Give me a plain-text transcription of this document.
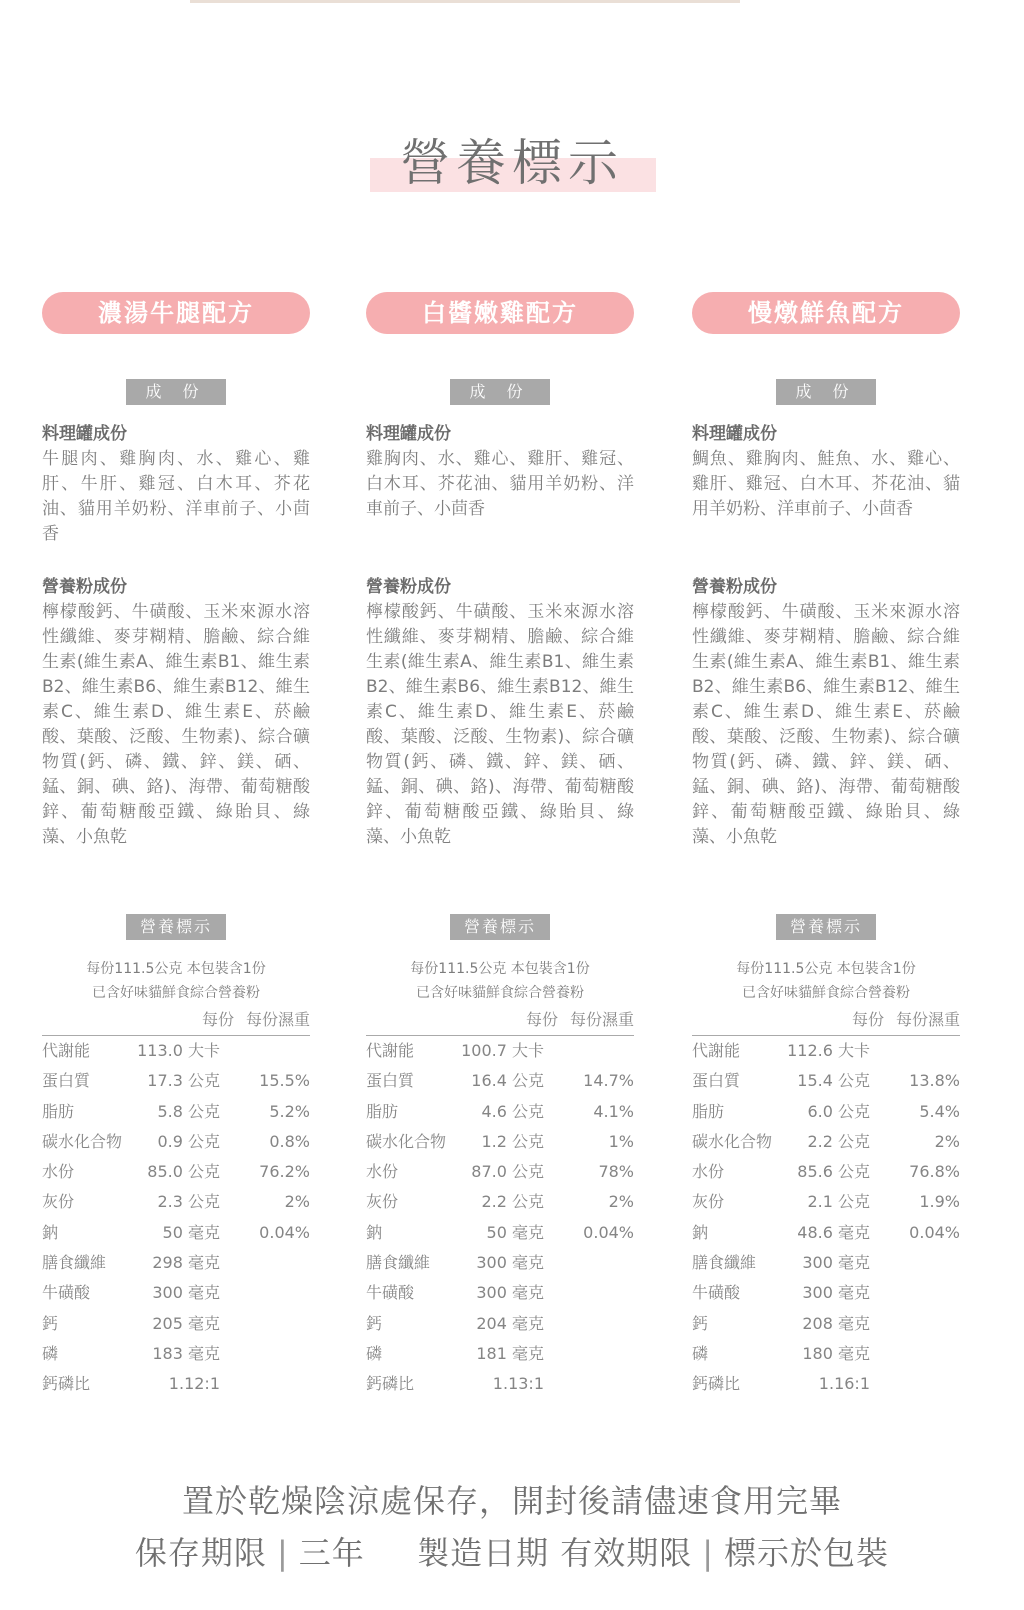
營養標示
濃湯牛腿配方
成 份
料理罐成份
牛腿肉、雞胸肉、水、雞心、雞肝、牛肝、雞冠、白木耳、芥花油、貓用羊奶粉、洋車前子、小茴香
營養粉成份
檸檬酸鈣、牛磺酸、玉米來源水溶性纖維、麥芽糊精、膽鹼、綜合維生素(維生素A、維生素B1、維生素B2、維生素B6、維生素B12、維生素C、維生素D、維生素E、菸鹼酸、葉酸、泛酸、生物素)、綜合礦物質(鈣、磷、鐵、鋅、鎂、硒、錳、銅、碘、鉻)、海帶、葡萄糖酸鋅、葡萄糖酸亞鐵、綠貽貝、綠藻、小魚乾
營養標示
每份111.5公克 本包裝含1份
已含好味貓鮮食綜合營養粉
每份 每份濕重
代謝能	113.0 大卡
蛋白質	17.3 公克 15.5%
脂肪	5.8 公克	5.2%
碳水化合物 0.9 公克	0.8%
水份	85.0 公克 76.2%
灰份	2.3 公克	2%
鈉	50 毫克 0.04%
膳食纖維	298 毫克
牛磺酸	300 毫克
鈣	205 毫克
磷	183 毫克
鈣磷比	1.12:1
白醬嫩雞配方
成 份
料理罐成份
雞胸肉、水、雞心、雞肝、雞冠、白木耳、芥花油、貓用羊奶粉、洋車前子、小茴香
營養粉成份
檸檬酸鈣、牛磺酸、玉米來源水溶性纖維、麥芽糊精、膽鹼、綜合維生素(維生素A、維生素B1、維生素B2、維生素B6、維生素B12、維生素C、維生素D、維生素E、菸鹼酸、葉酸、泛酸、生物素)、綜合礦物質(鈣、磷、鐵、鋅、鎂、硒、錳、銅、碘、鉻)、海帶、葡萄糖酸鋅、葡萄糖酸亞鐵、綠貽貝、綠藻、小魚乾
營養標示
每份111.5公克 本包裝含1份
已含好味貓鮮食綜合營養粉
每份 每份濕重
代謝能	100.7 大卡
蛋白質	16.4 公克 14.7%
脂肪	4.6 公克	4.1%
碳水化合物 1.2 公克	1%
水份	87.0 公克	78%
灰份	2.2 公克	2%
鈉	50 毫克 0.04%
膳食纖維	300 毫克
牛磺酸	300 毫克
鈣	204 毫克
磷	181 毫克
鈣磷比	1.13:1
慢燉鮮魚配方
成 份
料理罐成份
鯛魚、雞胸肉、鮭魚、水、雞心、雞肝、雞冠、白木耳、芥花油、貓用羊奶粉、洋車前子、小茴香
營養粉成份
檸檬酸鈣、牛磺酸、玉米來源水溶性纖維、麥芽糊精、膽鹼、綜合維生素(維生素A、維生素B1、維生素B2、維生素B6、維生素B12、維生素C、維生素D、維生素E、菸鹼酸、葉酸、泛酸、生物素)、綜合礦物質(鈣、磷、鐵、鋅、鎂、硒、錳、銅、碘、鉻)、海帶、葡萄糖酸鋅、葡萄糖酸亞鐵、綠貽貝、綠藻、小魚乾
營養標示
每份111.5公克 本包裝含1份
已含好味貓鮮食綜合營養粉
每份 每份濕重
代謝能	112.6 大卡
蛋白質	15.4 公克 13.8%
脂肪	6.0 公克	5.4%
碳水化合物 2.2 公克	2%
水份	85.6 公克 76.8%
灰份	2.1 公克	1.9%
鈉	48.6 毫克 0.04%
膳食纖維	300 毫克
牛磺酸	300 毫克
鈣	208 毫克
磷	180 毫克
鈣磷比	1.16:1
置於乾燥陰涼處保存，開封後請儘速食用完畢
保存期限 | 三年 製造日期 有效期限 | 標示於包裝
